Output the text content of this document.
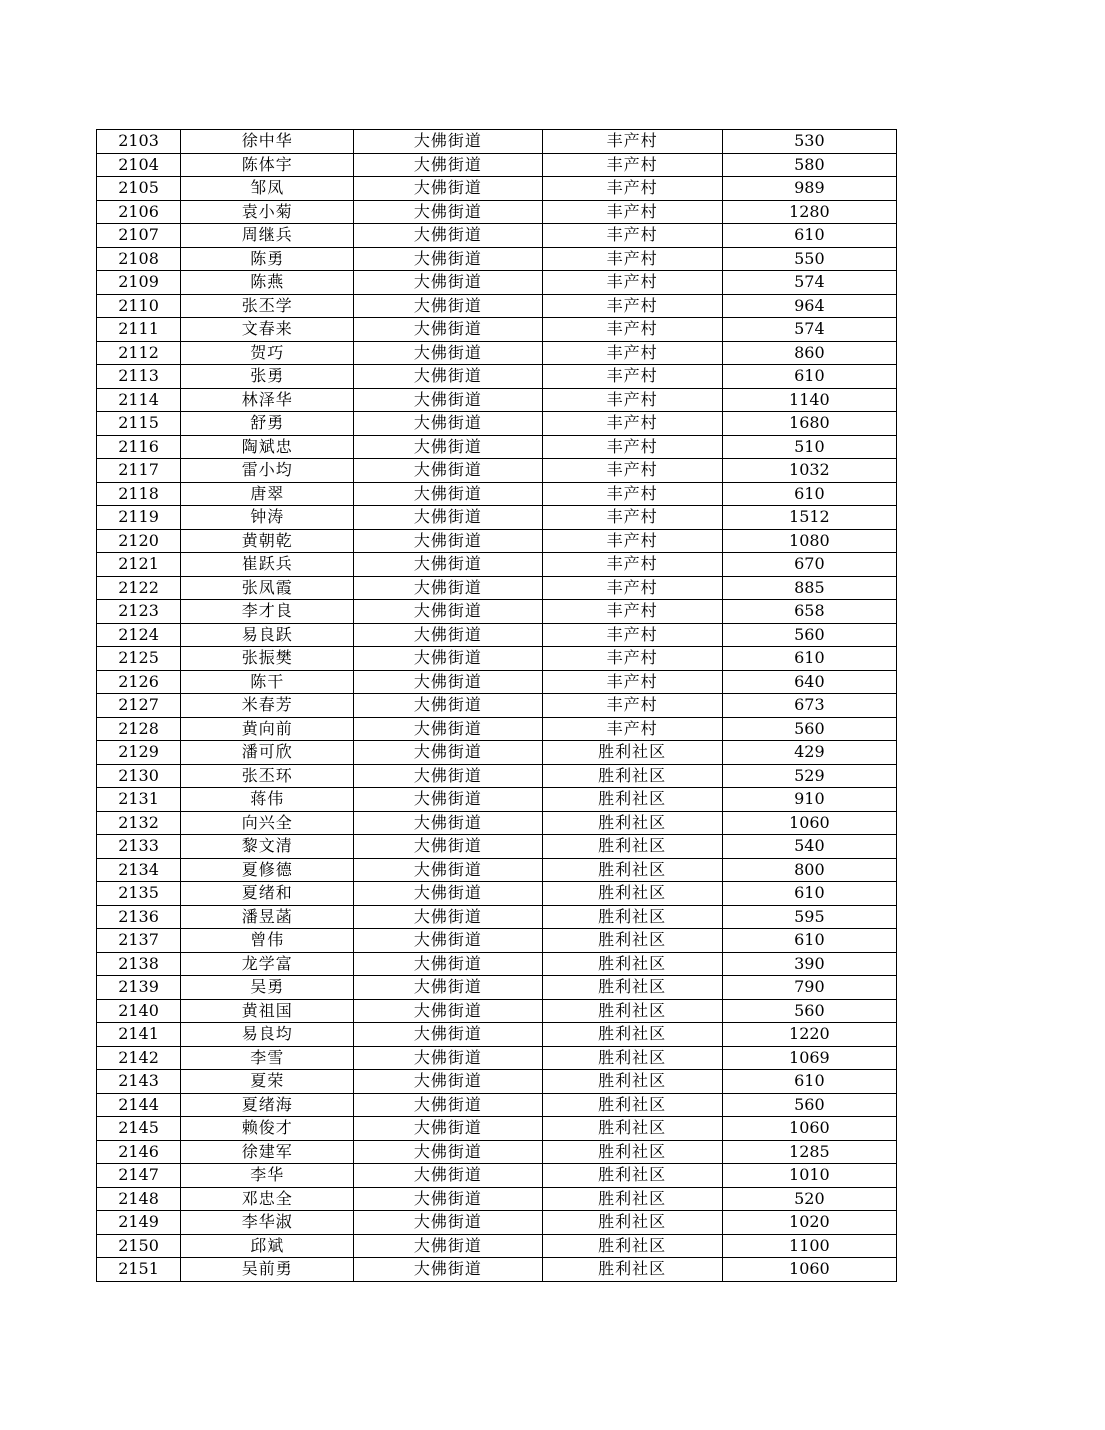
2103	徐中华	大佛街道	丰产村	530
2104	陈体宇	大佛街道	丰产村	580
2105	邹凤	大佛街道	丰产村	989
2106	袁小菊	大佛街道	丰产村	1280
2107	周继兵	大佛街道	丰产村	610
2108	陈勇	大佛街道	丰产村	550
2109	陈燕	大佛街道	丰产村	574
2110	张丕学	大佛街道	丰产村	964
2111	文春来	大佛街道	丰产村	574
2112	贺巧	大佛街道	丰产村	860
2113	张勇	大佛街道	丰产村	610
2114	林泽华	大佛街道	丰产村	1140
2115	舒勇	大佛街道	丰产村	1680
2116	陶斌忠	大佛街道	丰产村	510
2117	雷小均	大佛街道	丰产村	1032
2118	唐翠	大佛街道	丰产村	610
2119	钟涛	大佛街道	丰产村	1512
2120	黄朝乾	大佛街道	丰产村	1080
2121	崔跃兵	大佛街道	丰产村	670
2122	张凤霞	大佛街道	丰产村	885
2123	李才良	大佛街道	丰产村	658
2124	易良跃	大佛街道	丰产村	560
2125	张振樊	大佛街道	丰产村	610
2126	陈干	大佛街道	丰产村	640
2127	米春芳	大佛街道	丰产村	673
2128	黄向前	大佛街道	丰产村	560
2129	潘可欣	大佛街道	胜利社区	429
2130	张丕环	大佛街道	胜利社区	529
2131	蒋伟	大佛街道	胜利社区	910
2132	向兴全	大佛街道	胜利社区	1060
2133	黎文清	大佛街道	胜利社区	540
2134	夏修德	大佛街道	胜利社区	800
2135	夏绪和	大佛街道	胜利社区	610
2136	潘昱菡	大佛街道	胜利社区	595
2137	曾伟	大佛街道	胜利社区	610
2138	龙学富	大佛街道	胜利社区	390
2139	吴勇	大佛街道	胜利社区	790
2140	黄祖国	大佛街道	胜利社区	560
2141	易良均	大佛街道	胜利社区	1220
2142	李雪	大佛街道	胜利社区	1069
2143	夏荣	大佛街道	胜利社区	610
2144	夏绪海	大佛街道	胜利社区	560
2145	赖俊才	大佛街道	胜利社区	1060
2146	徐建军	大佛街道	胜利社区	1285
2147	李华	大佛街道	胜利社区	1010
2148	邓忠全	大佛街道	胜利社区	520
2149	李华淑	大佛街道	胜利社区	1020
2150	邱斌	大佛街道	胜利社区	1100
2151	吴前勇	大佛街道	胜利社区	1060
